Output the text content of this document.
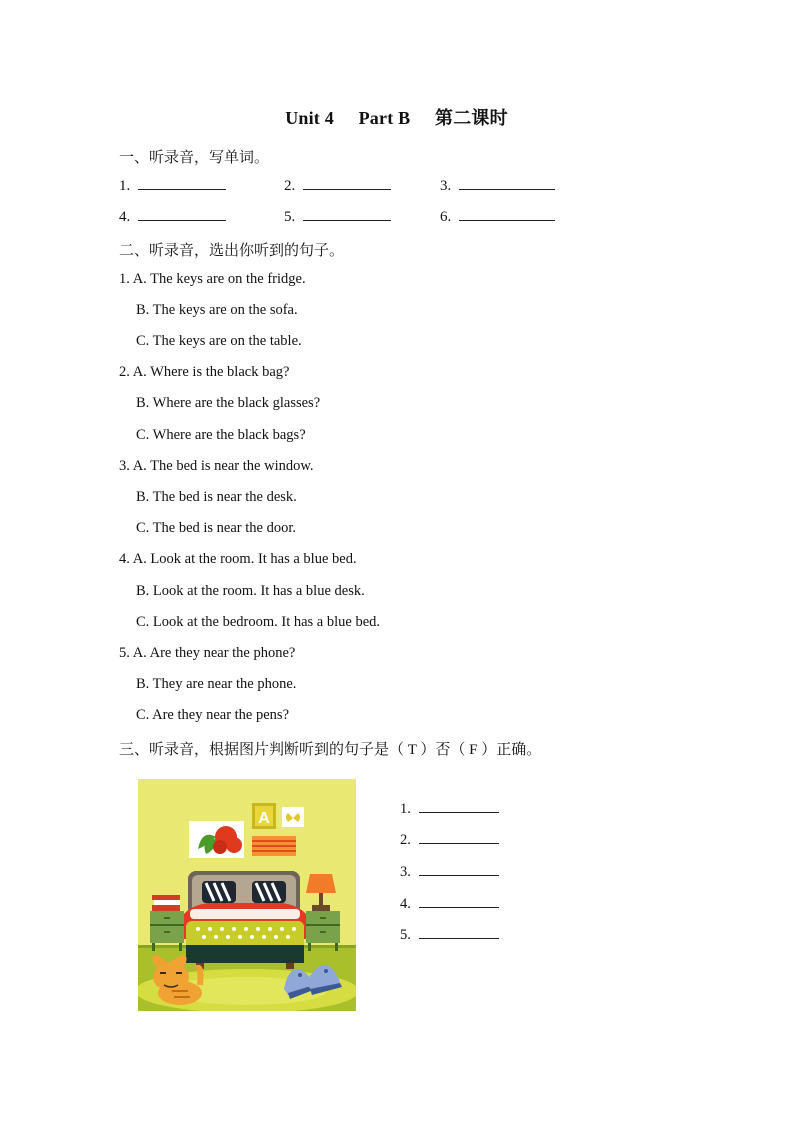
Unit 4 Part B 第二课时
一、听录音，写单词。
1.	2.	3.
4.	5.	6.
二、听录音，选出你听到的句子。
1. A. The keys are on the fridge.
B. The keys are on the sofa.
C. The keys are on the table.
2. A. Where is the black bag?
B. Where are the black glasses?
C. Where are the black bags?
3. A. The bed is near the window.
B. The bed is near the desk.
C. The bed is near the door.
4. A. Look at the room. It has a blue bed.
B. Look at the room. It has a blue desk.
C. Look at the bedroom. It has a blue bed.
5. A. Are they near the phone?
B. They are near the phone.
C. Are they near the pens?
三、听录音，根据图片判断听到的句子是（ T ）否（ F ）正确。
A
1.
2.
3.
4.
5.
